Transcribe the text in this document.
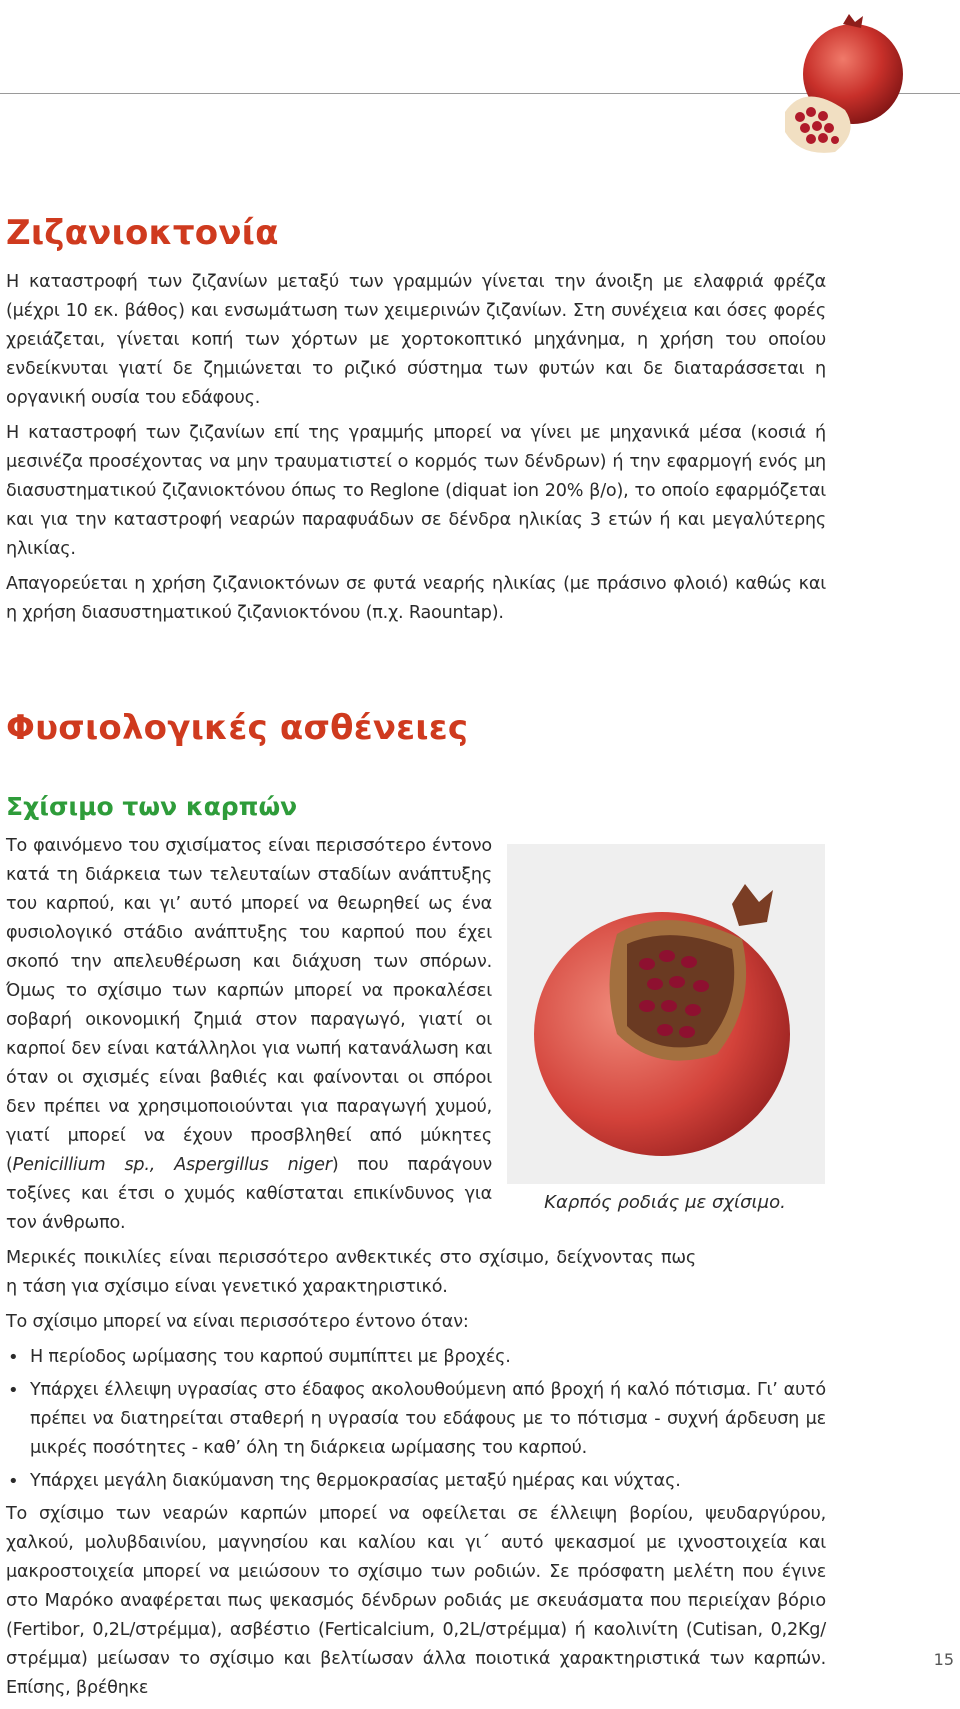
Ζιζανιοκτονία

Η καταστροφή των ζιζανίων μεταξύ των γραμμών γίνεται την άνοιξη με ελαφριά φρέζα (μέχρι 10 εκ. βάθος) και ενσωμάτωση των χειμερινών ζιζανίων. Στη συνέχεια και όσες φορές χρειάζεται, γίνεται κοπή των χόρτων με χορτοκοπτικό μηχάνημα, η χρήση του οποίου ενδείκνυται γιατί δε ζημιώνεται το ριζικό σύστημα των φυτών και δε διαταράσσεται η οργανική ουσία του εδάφους.

Η καταστροφή των ζιζανίων επί της γραμμής μπορεί να γίνει με μηχανικά μέσα (κοσιά ή μεσινέζα προσέχοντας να μην τραυματιστεί ο κορμός των δένδρων) ή την εφαρμογή ενός μη διασυστηματικού ζιζανιοκτόνου όπως το Reglone (diquat ion 20% β/ο), το οποίο εφαρμόζεται και για την καταστροφή νεαρών παραφυάδων σε δένδρα ηλικίας 3 ετών ή και μεγαλύτερης ηλικίας.

Απαγορεύεται η χρήση ζιζανιοκτόνων σε φυτά νεαρής ηλικίας (με πράσινο φλοιό) καθώς και η χρήση διασυστηματικού ζιζανιοκτόνου (π.χ. Raountap).

Φυσιολογικές ασθένειες
Σχίσιμο των καρπών

Το φαινόμενο του σχισίματος είναι περισσότερο έντονο κατά τη διάρκεια των τελευταίων σταδίων ανάπτυξης του καρπού, και γι’ αυτό μπορεί να θεωρηθεί ως ένα φυσιολογικό στάδιο ανάπτυξης του καρπού που έχει σκοπό την απελευθέρωση και διάχυση των σπόρων. Όμως το σχίσιμο των καρπών μπορεί να προκαλέσει σοβαρή οικονομική ζημιά στον παραγωγό, γιατί οι καρποί δεν είναι κατάλληλοι για νωπή κατανάλωση και όταν οι σχισμές είναι βαθιές και φαίνονται οι σπόροι δεν πρέπει να χρησιμοποιούνται για παραγωγή χυμού, γιατί μπορεί να έχουν προσβληθεί από μύκητες (Penicillium sp., Aspergillus niger) που παράγουν τοξίνες και έτσι ο χυμός καθίσταται επικίνδυνος για τον άνθρωπο.

Μερικές ποικιλίες είναι περισσότερο ανθεκτικές στο σχίσιμο, δείχνοντας πως η τάση για σχίσιμο είναι γενετικό χαρακτηριστικό.

Το σχίσιμο μπορεί να είναι περισσότερο έντονο όταν:

• Η περίοδος ωρίμασης του καρπού συμπίπτει με βροχές.
• Υπάρχει έλλειψη υγρασίας στο έδαφος ακολουθούμενη από βροχή ή καλό πότισμα. Γι’ αυτό πρέπει να διατηρείται σταθερή η υγρασία του εδάφους με το πότισμα - συχνή άρδευση με μικρές ποσότητες - καθ’ όλη τη διάρκεια ωρίμασης του καρπού.
• Υπάρχει μεγάλη διακύμανση της θερμοκρασίας μεταξύ ημέρας και νύχτας.

Το σχίσιμο των νεαρών καρπών μπορεί να οφείλεται σε έλλειψη βορίου, ψευδαργύρου, χαλκού, μολυβδαινίου, μαγνησίου και καλίου και γι΄ αυτό ψεκασμοί με ιχνοστοιχεία και μακροστοιχεία μπορεί να μειώσουν το σχίσιμο των ροδιών. Σε πρόσφατη μελέτη που έγινε στο Μαρόκο αναφέρεται πως ψεκασμός δένδρων ροδιάς με σκευάσματα που περιείχαν βόριο (Fertibor, 0,2L/στρέμμα), ασβέστιο (Ferticalcium, 0,2L/στρέμμα) ή καολινίτη (Cutisan, 0,2Kg/στρέμμα) μείωσαν το σχίσιμο και βελτίωσαν άλλα ποιοτικά χαρακτηριστικά των καρπών. Επίσης, βρέθηκε

Καρπός ροδιάς με σχίσιμο.
15
